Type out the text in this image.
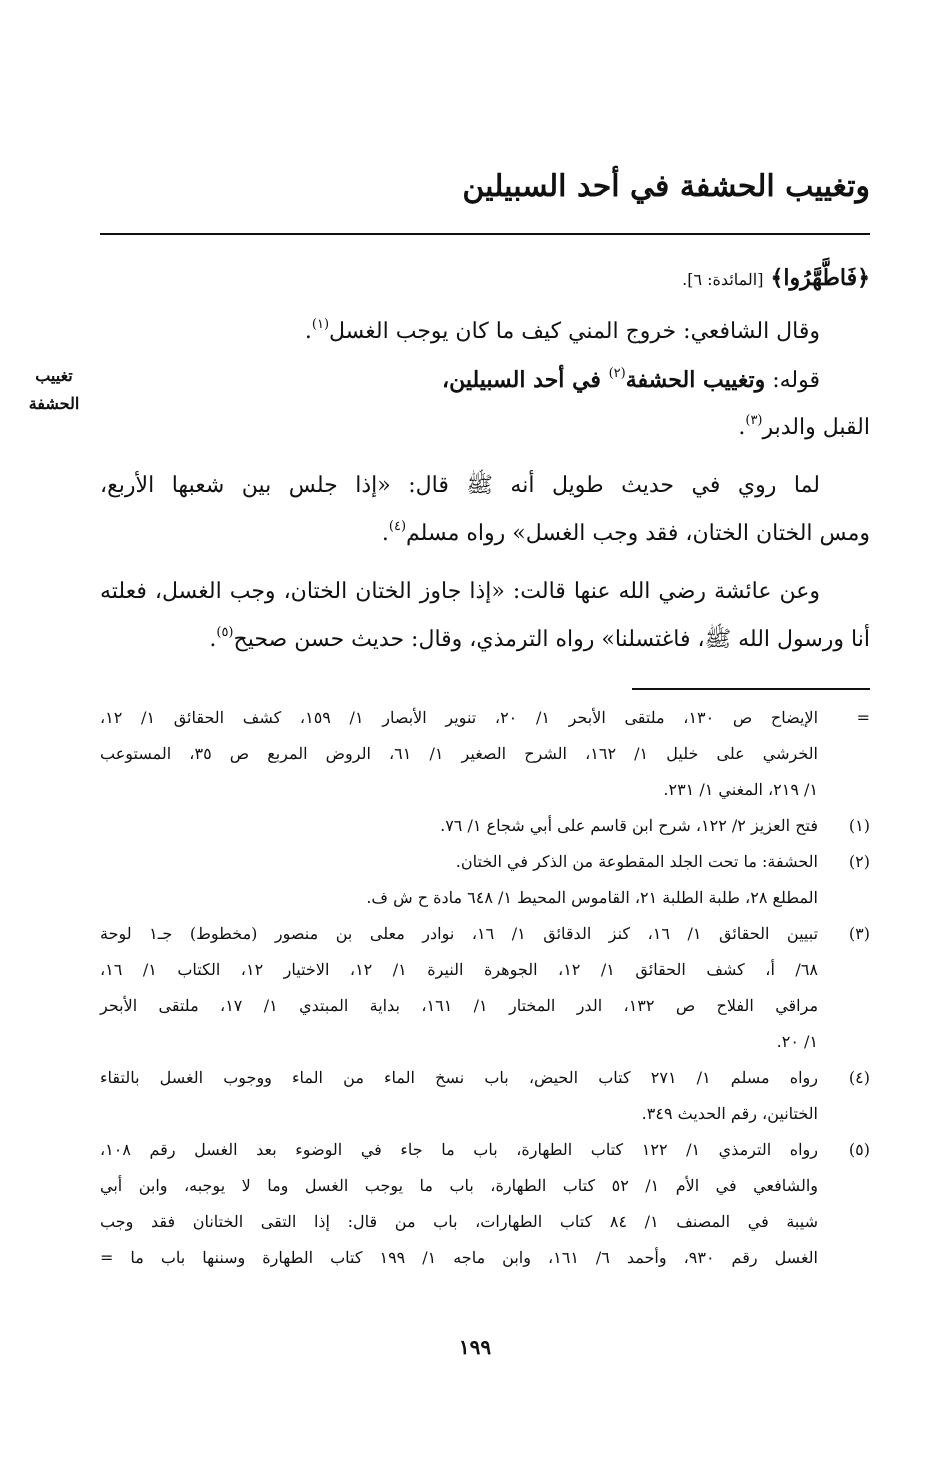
وتغييب الحشفة في أحد السبيلين
تغييب
الحشفة
﴿فَاطَّهَّرُوا﴾ [المائدة: ٦].
وقال الشافعي: خروج المني كيف ما كان يوجب الغسل$^{(١)}$.
قوله: وتغييب الحشفة$^{(٢)}$ في أحد السبيلين،
القبل والدبر$^{(٣)}$.
لما روي في حديث طويل أنه ﷺ قال: «إذا جلس بين شعبها الأربع،
ومس الختان الختان، فقد وجب الغسل» رواه مسلم$^{(٤)}$.
وعن عائشة رضي الله عنها قالت: «إذا جاوز الختان الختان، وجب الغسل، فعلته
أنا ورسول الله ﷺ، فاغتسلنا» رواه الترمذي، وقال: حديث حسن صحيح$^{(٥)}$.
=
الإيضاح ص ١٣٠، ملتقى الأبحر ١/ ٢٠، تنوير الأبصار ١/ ١٥٩، كشف الحقائق ١/ ١٢،
الخرشي على خليل ١/ ١٦٢، الشرح الصغير ١/ ٦١، الروض المربع ص ٣٥، المستوعب
١/ ٢١٩، المغني ١/ ٢٣١.
(١)
فتح العزيز ٢/ ١٢٢، شرح ابن قاسم على أبي شجاع ١/ ٧٦.
(٢)
الحشفة: ما تحت الجلد المقطوعة من الذكر في الختان.
المطلع ٢٨، طلبة الطلبة ٢١، القاموس المحيط ١/ ٦٤٨ مادة ح ش ف.
(٣)
تبيين الحقائق ١/ ١٦، كنز الدقائق ١/ ١٦، نوادر معلى بن منصور (مخطوط) جـ١ لوحة
٦٨/ أ، كشف الحقائق ١/ ١٢، الجوهرة النيرة ١/ ١٢، الاختيار ١٢، الكتاب ١/ ١٦،
مراقي الفلاح ص ١٣٢، الدر المختار ١/ ١٦١، بداية المبتدي ١/ ١٧، ملتقى الأبحر
١/ ٢٠.
(٤)
رواه مسلم ١/ ٢٧١ كتاب الحيض، باب نسخ الماء من الماء ووجوب الغسل بالتقاء
الختانين، رقم الحديث ٣٤٩.
(٥)
رواه الترمذي ١/ ١٢٢ كتاب الطهارة، باب ما جاء في الوضوء بعد الغسل رقم ١٠٨،
والشافعي في الأم ١/ ٥٢ كتاب الطهارة، باب ما يوجب الغسل وما لا يوجبه، وابن أبي
شيبة في المصنف ١/ ٨٤ كتاب الطهارات، باب من قال: إذا التقى الختانان فقد وجب
الغسل رقم ٩٣٠، وأحمد ٦/ ١٦١، وابن ماجه ١/ ١٩٩ كتاب الطهارة وسننها باب ما =
١٩٩
